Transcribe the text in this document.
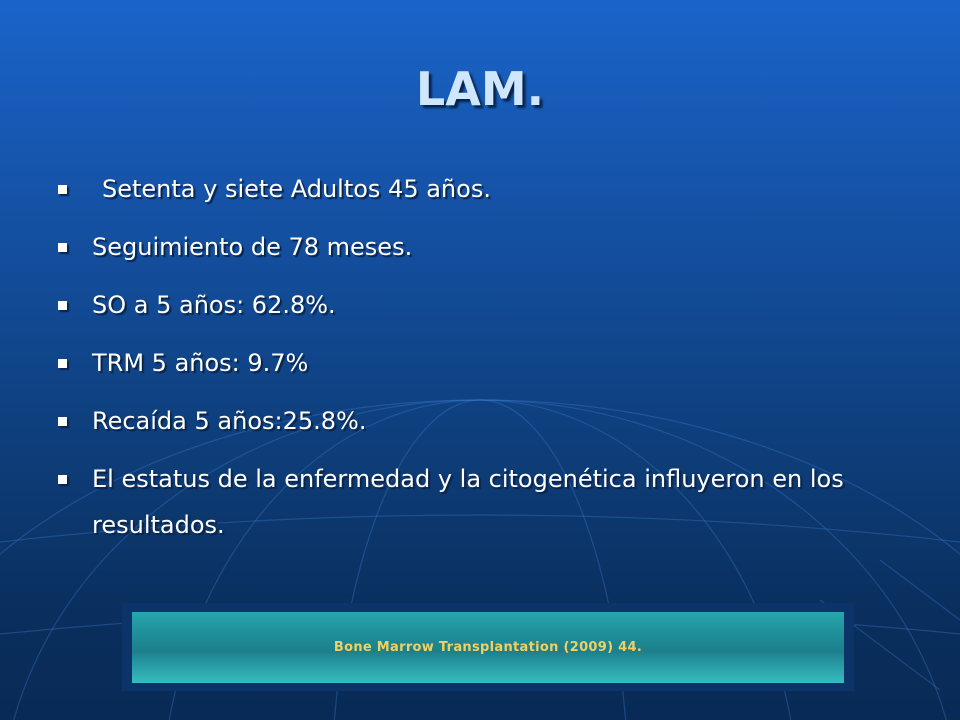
LAM.
Setenta y siete Adultos 45 años.
Seguimiento de 78 meses.
SO a 5 años: 62.8%.
TRM 5 años: 9.7%
Recaída 5 años:25.8%.
El estatus de la enfermedad y la citogenética influyeron en los resultados.
Bone Marrow Transplantation (2009) 44.
